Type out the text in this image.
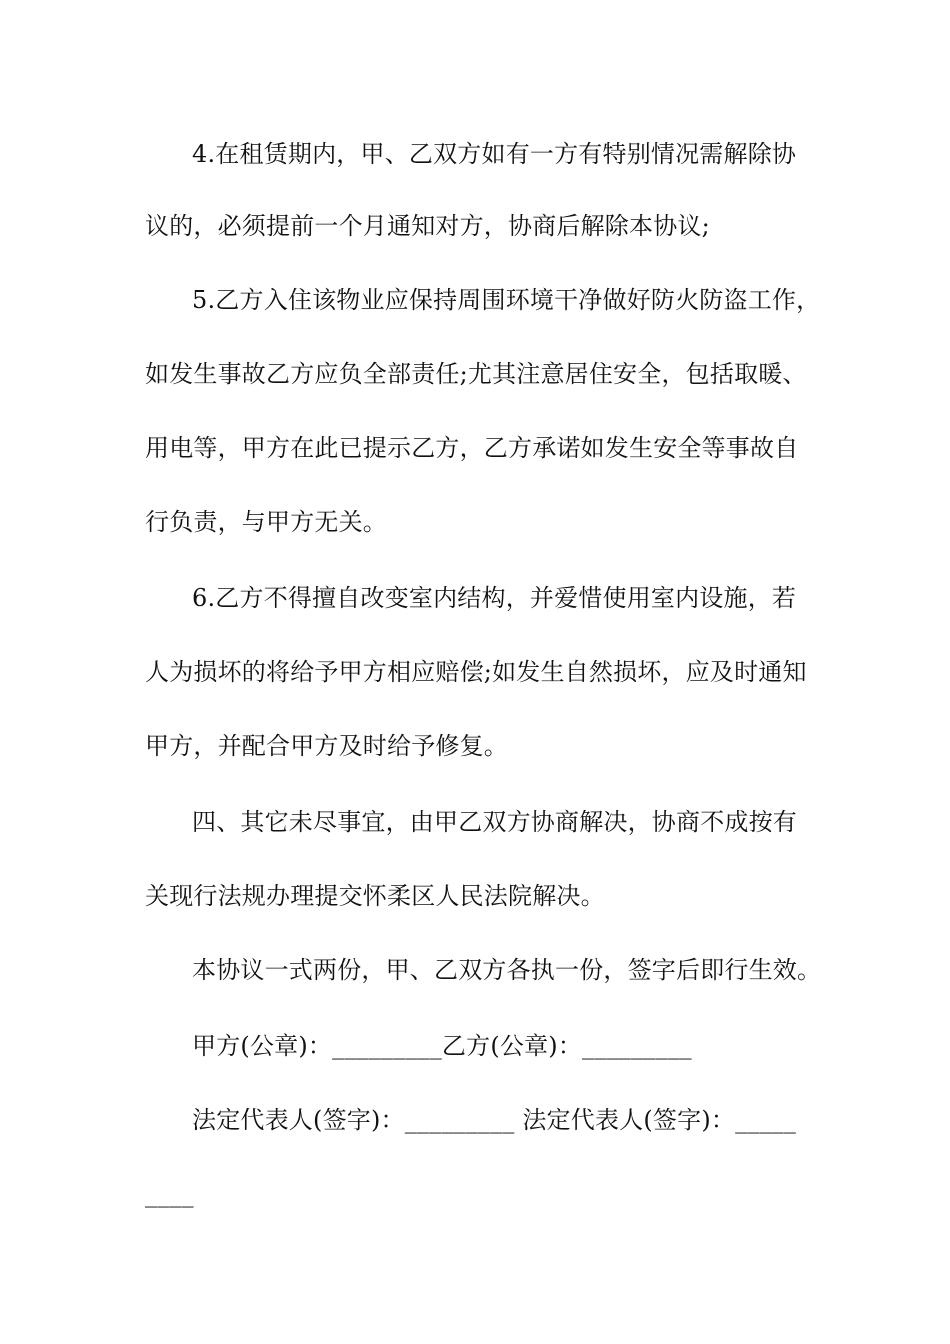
4.在租赁期内，甲、乙双方如有一方有特别情况需解除协
议的，必须提前一个月通知对方，协商后解除本协议;
5.乙方入住该物业应保持周围环境干净做好防火防盗工作，
如发生事故乙方应负全部责任;尤其注意居住安全，包括取暖、
用电等，甲方在此已提示乙方，乙方承诺如发生安全等事故自
行负责，与甲方无关。
6.乙方不得擅自改变室内结构，并爱惜使用室内设施，若
人为损坏的将给予甲方相应赔偿;如发生自然损坏，应及时通知
甲方，并配合甲方及时给予修复。
四、其它未尽事宜，由甲乙双方协商解决，协商不成按有
关现行法规办理提交怀柔区人民法院解决。
本协议一式两份，甲、乙双方各执一份，签字后即行生效。
甲方(公章)：_________乙方(公章)：_________
法定代表人(签字)：_________ 法定代表人(签字)：_____
____
